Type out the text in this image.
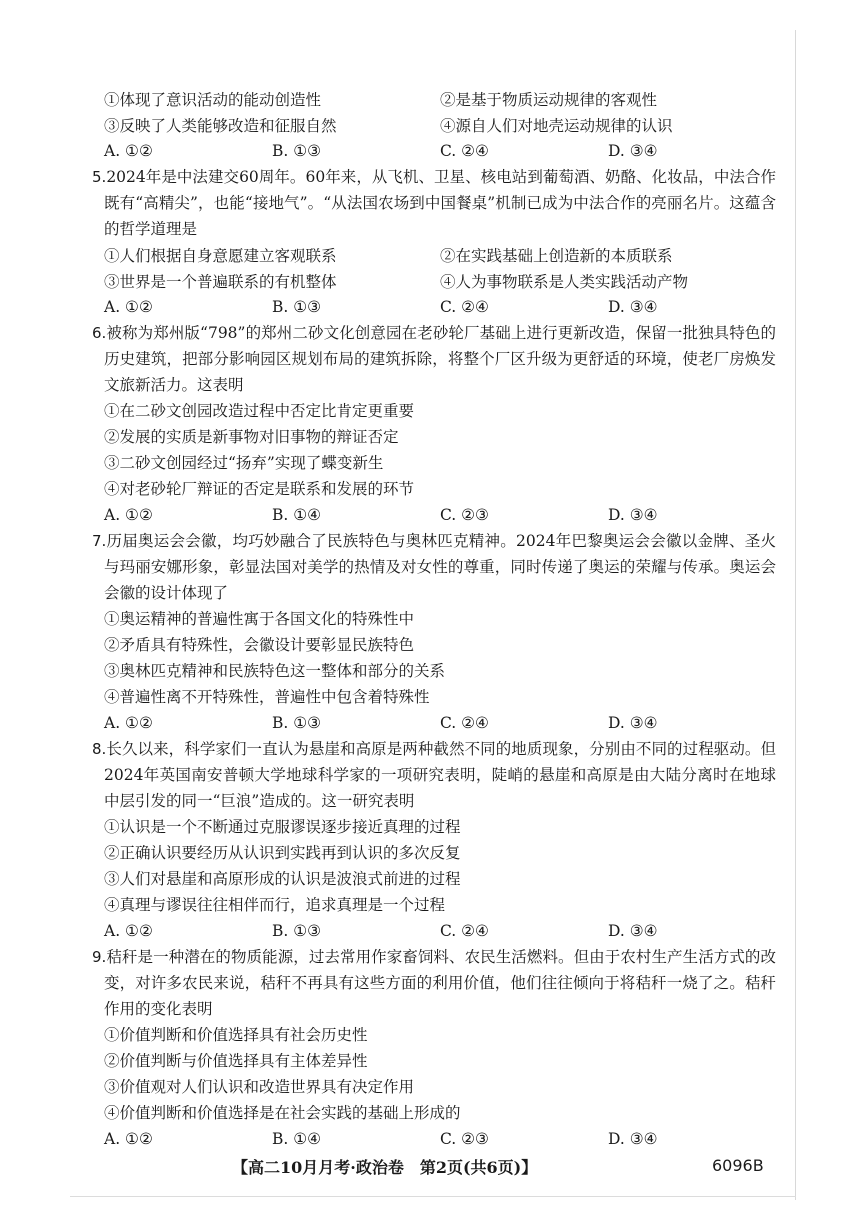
①体现了意识活动的能动创造性	②是基于物质运动规律的客观性
③反映了人类能够改造和征服自然	④源自人们对地壳运动规律的认识
A. ①②	B. ①③	C. ②④	D. ③④

5.2024年是中法建交60周年。60年来，从飞机、卫星、核电站到葡萄酒、奶酪、化妆品，中法合作既有“高精尖”，也能“接地气”。“从法国农场到中国餐桌”机制已成为中法合作的亮丽名片。这蕴含的哲学道理是

①人们根据自身意愿建立客观联系	②在实践基础上创造新的本质联系
③世界是一个普遍联系的有机整体	④人为事物联系是人类实践活动产物
A. ①②	B. ①③	C. ②④	D. ③④

6.被称为郑州版“798”的郑州二砂文化创意园在老砂轮厂基础上进行更新改造，保留一批独具特色的历史建筑，把部分影响园区规划布局的建筑拆除，将整个厂区升级为更舒适的环境，使老厂房焕发文旅新活力。这表明

①在二砂文创园改造过程中否定比肯定更重要
②发展的实质是新事物对旧事物的辩证否定
③二砂文创园经过“扬弃”实现了蝶变新生
④对老砂轮厂辩证的否定是联系和发展的环节
A. ①②	B. ①④	C. ②③	D. ③④

7.历届奥运会会徽，均巧妙融合了民族特色与奥林匹克精神。2024年巴黎奥运会会徽以金牌、圣火与玛丽安娜形象，彰显法国对美学的热情及对女性的尊重，同时传递了奥运的荣耀与传承。奥运会会徽的设计体现了

①奥运精神的普遍性寓于各国文化的特殊性中
②矛盾具有特殊性，会徽设计要彰显民族特色
③奥林匹克精神和民族特色这一整体和部分的关系
④普遍性离不开特殊性，普遍性中包含着特殊性
A. ①②	B. ①③	C. ②④	D. ③④

8.长久以来，科学家们一直认为悬崖和高原是两种截然不同的地质现象，分别由不同的过程驱动。但2024年英国南安普顿大学地球科学家的一项研究表明，陡峭的悬崖和高原是由大陆分离时在地球中层引发的同一“巨浪”造成的。这一研究表明

①认识是一个不断通过克服谬误逐步接近真理的过程
②正确认识要经历从认识到实践再到认识的多次反复
③人们对悬崖和高原形成的认识是波浪式前进的过程
④真理与谬误往往相伴而行，追求真理是一个过程
A. ①②	B. ①③	C. ②④	D. ③④

9.秸秆是一种潜在的物质能源，过去常用作家畜饲料、农民生活燃料。但由于农村生产生活方式的改变，对许多农民来说，秸秆不再具有这些方面的利用价值，他们往往倾向于将秸秆一烧了之。秸秆作用的变化表明

①价值判断和价值选择具有社会历史性
②价值判断与价值选择具有主体差异性
③价值观对人们认识和改造世界具有决定作用
④价值判断和价值选择是在社会实践的基础上形成的
A. ①②	B. ①④	C. ②③	D. ③④
【高二10月月考·政治卷　第2页(共6页)】	6096B
